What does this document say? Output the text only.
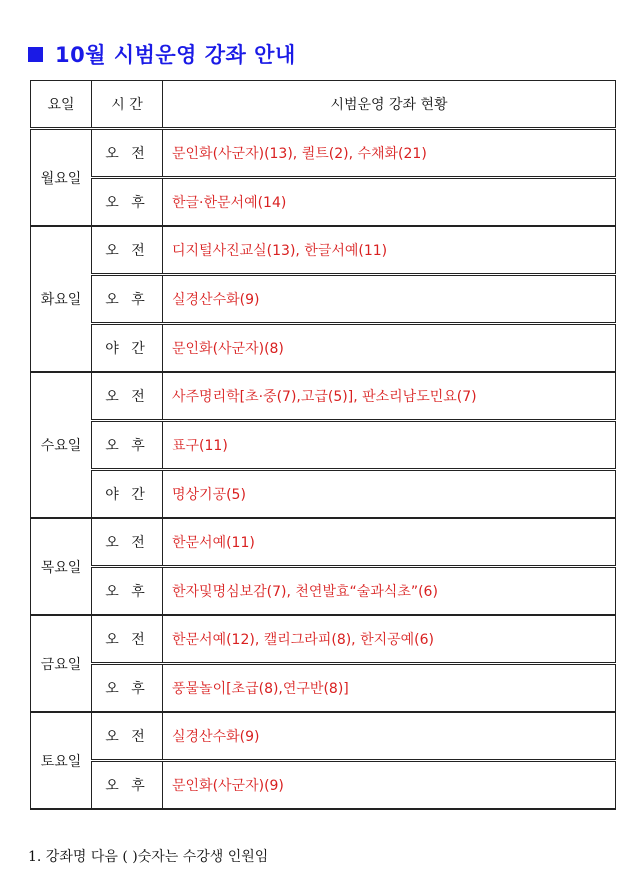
10월 시범운영 강좌 안내
요일	시 간	시범운영 강좌 현황
월요일	오 전	문인화(사군자)(13), 퀼트(2), 수채화(21)
	오 후	한글·한문서예(14)
화요일	오 전	디지털사진교실(13), 한글서예(11)
	오 후	실경산수화(9)
	야 간	문인화(사군자)(8)
수요일	오 전	사주명리학[초·중(7),고급(5)], 판소리남도민요(7)
	오 후	표구(11)
	야 간	명상기공(5)
목요일	오 전	한문서예(11)
	오 후	한자및명심보감(7), 천연발효“술과식초”(6)
금요일	오 전	한문서예(12), 캘리그라피(8), 한지공예(6)
	오 후	풍물놀이[초급(8),연구반(8)]
토요일	오 전	실경산수화(9)
	오 후	문인화(사군자)(9)
1. 강좌명 다음 ( )숫자는 수강생 인원임
